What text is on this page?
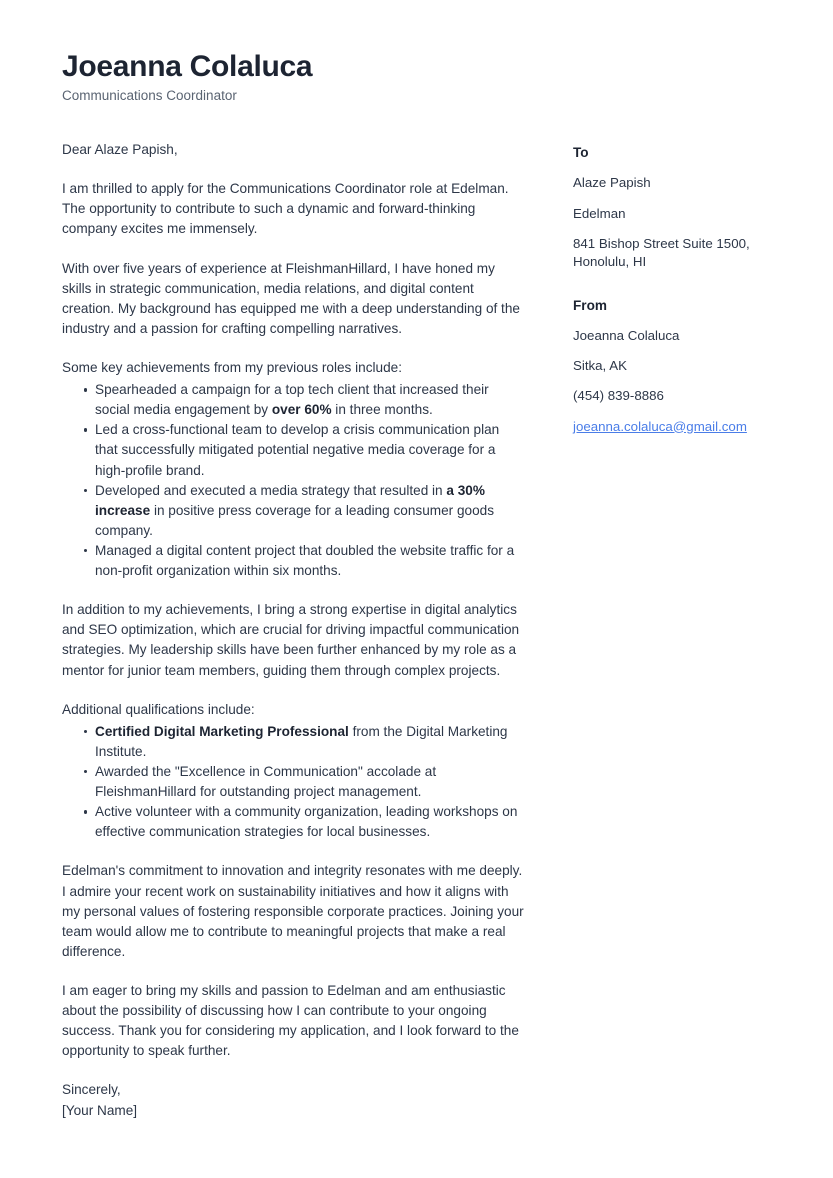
Joeanna Colaluca
Communications Coordinator

Dear Alaze Papish,

I am thrilled to apply for the Communications Coordinator role at Edelman. The opportunity to contribute to such a dynamic and forward-thinking company excites me immensely.

With over five years of experience at FleishmanHillard, I have honed my skills in strategic communication, media relations, and digital content creation. My background has equipped me with a deep understanding of the industry and a passion for crafting compelling narratives.

Some key achievements from my previous roles include:

Spearheaded a campaign for a top tech client that increased their social media engagement by over 60% in three months.
Led a cross-functional team to develop a crisis communication plan that successfully mitigated potential negative media coverage for a high-profile brand.
Developed and executed a media strategy that resulted in a 30% increase in positive press coverage for a leading consumer goods company.
Managed a digital content project that doubled the website traffic for a non-profit organization within six months.

In addition to my achievements, I bring a strong expertise in digital analytics and SEO optimization, which are crucial for driving impactful communication strategies. My leadership skills have been further enhanced by my role as a mentor for junior team members, guiding them through complex projects.

Additional qualifications include:

Certified Digital Marketing Professional from the Digital Marketing Institute.
Awarded the "Excellence in Communication" accolade at FleishmanHillard for outstanding project management.
Active volunteer with a community organization, leading workshops on effective communication strategies for local businesses.

Edelman's commitment to innovation and integrity resonates with me deeply. I admire your recent work on sustainability initiatives and how it aligns with my personal values of fostering responsible corporate practices. Joining your team would allow me to contribute to meaningful projects that make a real difference.

I am eager to bring my skills and passion to Edelman and am enthusiastic about the possibility of discussing how I can contribute to your ongoing success. Thank you for considering my application, and I look forward to the opportunity to speak further.

Sincerely,
[Your Name]

To
Alaze Papish
Edelman
841 Bishop Street Suite 1500, Honolulu, HI
From
Joeanna Colaluca
Sitka, AK
(454) 839-8886
joeanna.colaluca@gmail.com
